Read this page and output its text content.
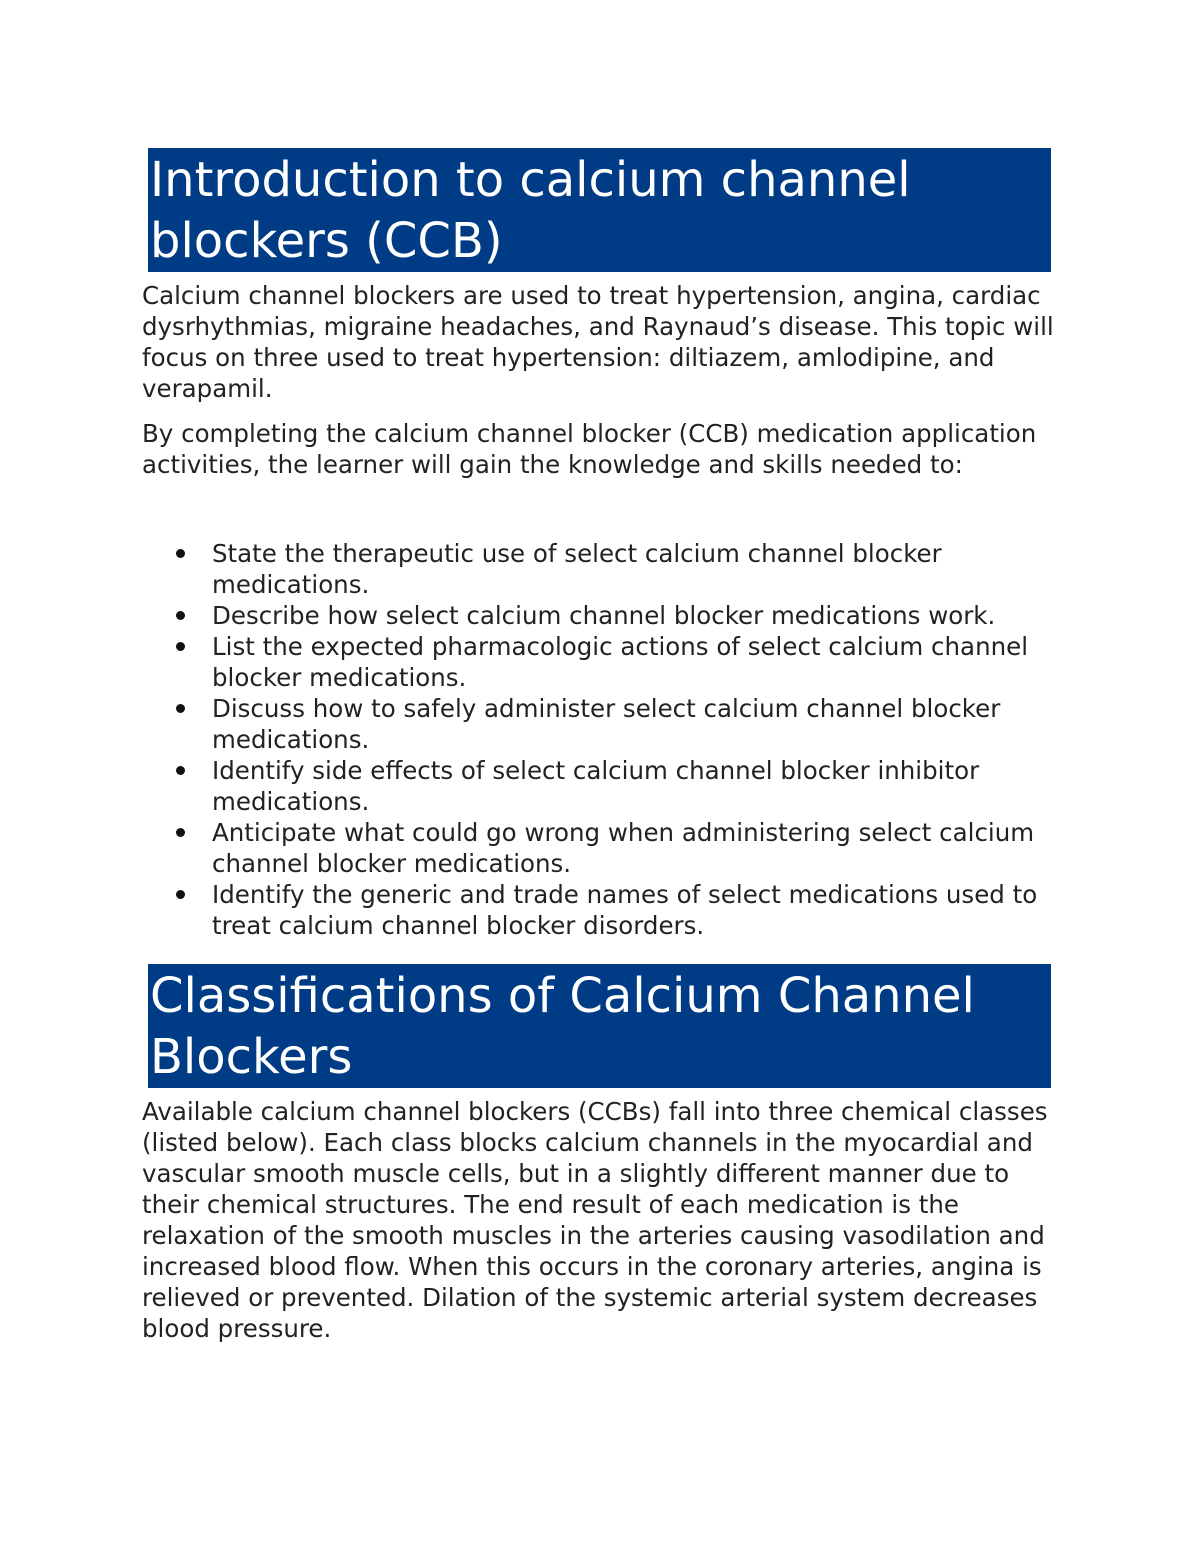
Introduction to calcium channel blockers (CCB)

Calcium channel blockers are used to treat hypertension, angina, cardiac dysrhythmias, migraine headaches, and Raynaud’s disease. This topic will focus on three used to treat hypertension: diltiazem, amlodipine, and verapamil.

By completing the calcium channel blocker (CCB) medication application activities, the learner will gain the knowledge and skills needed to:

State the therapeutic use of select calcium channel blocker medications.
Describe how select calcium channel blocker medications work.
List the expected pharmacologic actions of select calcium channel blocker medications.
Discuss how to safely administer select calcium channel blocker medications.
Identify side effects of select calcium channel blocker inhibitor medications.
Anticipate what could go wrong when administering select calcium channel blocker medications.
Identify the generic and trade names of select medications used to treat calcium channel blocker disorders.
Classifications of Calcium Channel Blockers

Available calcium channel blockers (CCBs) fall into three chemical classes (listed below). Each class blocks calcium channels in the myocardial and vascular smooth muscle cells, but in a slightly different manner due to their chemical structures. The end result of each medication is the relaxation of the smooth muscles in the arteries causing vasodilation and increased blood flow. When this occurs in the coronary arteries, angina is relieved or prevented. Dilation of the systemic arterial system decreases blood pressure.
